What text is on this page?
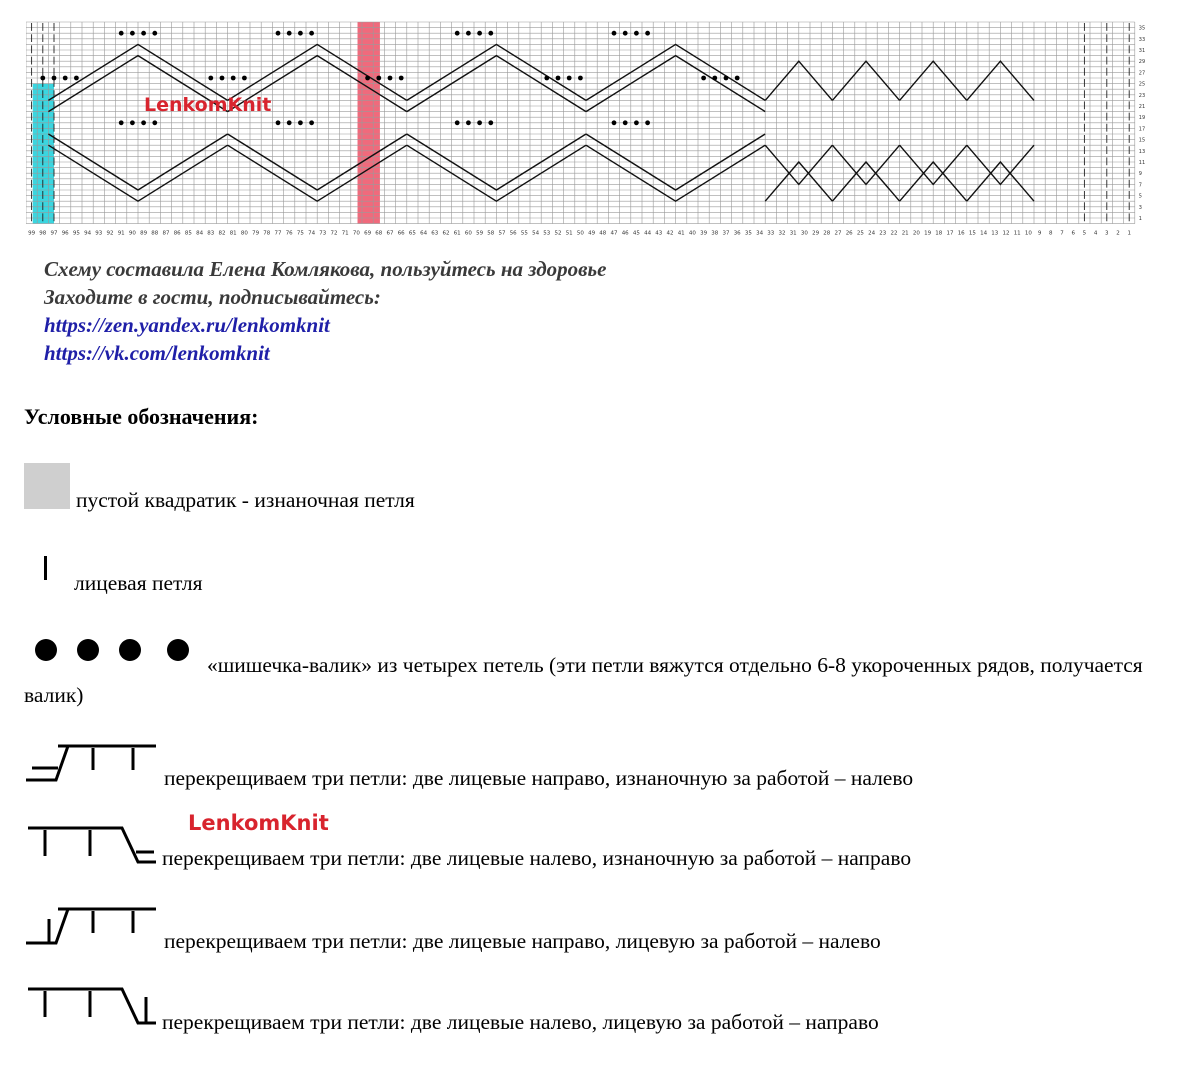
99 98 97 96 95 94 93 92 91 90 89 88 87 86 85 84 83 82 81 80 79 78 77 76 75 74 73 72 71 70 69 68 67 66 65 64 63 62 61 60 59 58 57 56 55 54 53 52 51 50 49 48 47 46 45 44 43 42 41 40 39 38 37 36 35 34 33 32 31 30 29 28 27 26 25 24 23 22 21 20 19 18 17 16 15 14 13 12 11 10 9 8 7 6 5 4 3 2 1
35
33
31
29
27
25
23
21
19
17
15
13
11
9
7
5
3
1
LenkomKnit
Схему составила Елена Комлякова, пользуйтесь на здоровье
Заходите в гости, подписывайтесь:
https://zen.yandex.ru/lenkomknit
https://vk.com/lenkomknit
Условные обозначения:
пустой квадратик - изнаночная петля
лицевая петля
«шишечка-валик» из четырех петель (эти петли вяжутся отдельно 6-8 укороченных рядов, получается валик)
перекрещиваем три петли: две лицевые направо, изнаночную за работой – налево
LenkomKnit
перекрещиваем три петли: две лицевые налево, изнаночную за работой – направо
перекрещиваем три петли: две лицевые направо, лицевую за работой – налево
перекрещиваем три петли: две лицевые налево, лицевую за работой – направо
